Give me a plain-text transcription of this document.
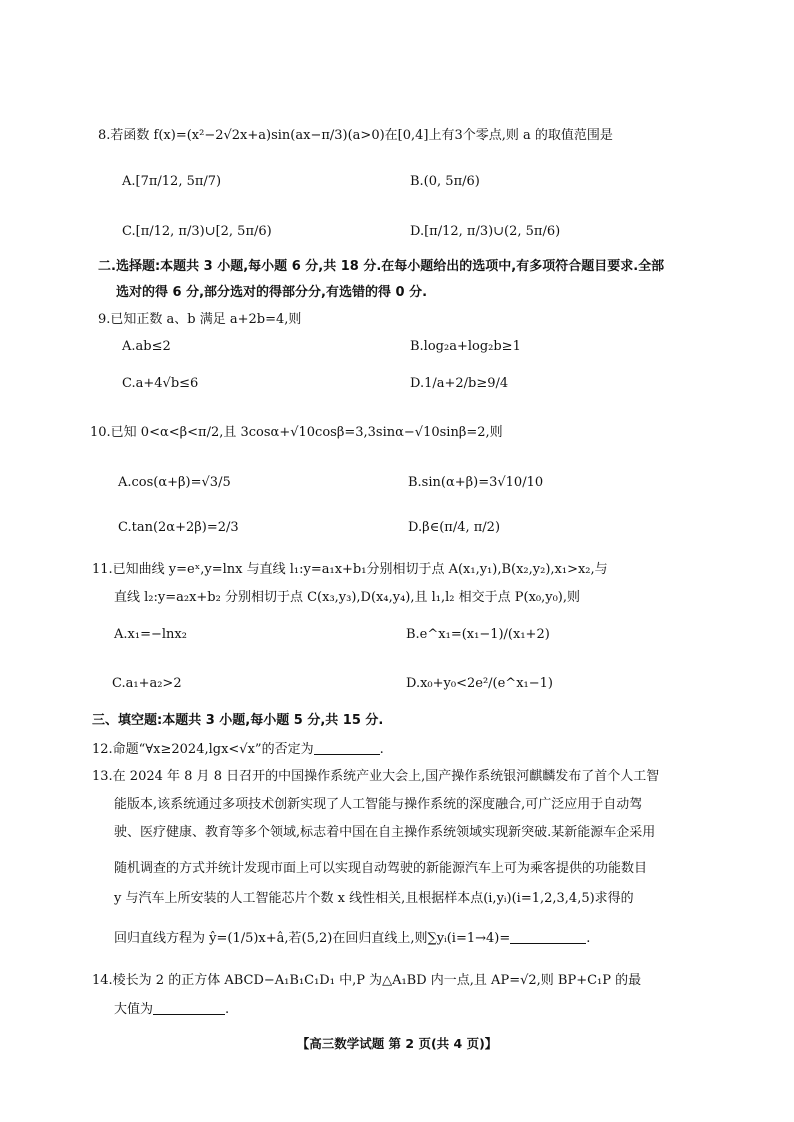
8.若函数 f(x)=(x²−2√2x+a)sin(ax−π/3)(a>0)在[0,4]上有3个零点,则 a 的取值范围是
A.[7π/12, 5π/7)	B.(0, 5π/6)
C.[π/12, π/3)∪[2, 5π/6)	D.[π/12, π/3)∪(2, 5π/6)
二.选择题:本题共 3 小题,每小题 6 分,共 18 分.在每小题给出的选项中,有多项符合题目要求.全部
选对的得 6 分,部分选对的得部分分,有选错的得 0 分.
9.已知正数 a、b 满足 a+2b=4,则
A.ab≤2	B.log₂a+log₂b≥1
C.a+4√b≤6	D.1/a+2/b≥9/4
10.已知 0<α<β<π/2,且 3cosα+√10cosβ=3,3sinα−√10sinβ=2,则
A.cos(α+β)=√3/5	B.sin(α+β)=3√10/10
C.tan(2α+2β)=2/3	D.β∈(π/4, π/2)
11.已知曲线 y=eˣ,y=lnx 与直线 l₁:y=a₁x+b₁分别相切于点 A(x₁,y₁),B(x₂,y₂),x₁>x₂,与
直线 l₂:y=a₂x+b₂ 分别相切于点 C(x₃,y₃),D(x₄,y₄),且 l₁,l₂ 相交于点 P(x₀,y₀),则
A.x₁=−lnx₂	B.e^x₁=(x₁−1)/(x₁+2)
C.a₁+a₂>2	D.x₀+y₀<2e²/(e^x₁−1)
三、填空题:本题共 3 小题,每小题 5 分,共 15 分.
12.命题“∀x≥2024,lgx<√x”的否定为	.
13.在 2024 年 8 月 8 日召开的中国操作系统产业大会上,国产操作系统银河麒麟发布了首个人工智
能版本,该系统通过多项技术创新实现了人工智能与操作系统的深度融合,可广泛应用于自动驾
驶、医疗健康、教育等多个领域,标志着中国在自主操作系统领域实现新突破.某新能源车企采用
随机调查的方式并统计发现市面上可以实现自动驾驶的新能源汽车上可为乘客提供的功能数目
y 与汽车上所安装的人工智能芯片个数 x 线性相关,且根据样本点(i,yᵢ)(i=1,2,3,4,5)求得的
回归直线方程为 ŷ=(1/5)x+â,若(5,2)在回归直线上,则∑yᵢ(i=1→4)=	.
14.棱长为 2 的正方体 ABCD−A₁B₁C₁D₁ 中,P 为△A₁BD 内一点,且 AP=√2,则 BP+C₁P 的最
大值为	.
【高三数学试题 第 2 页(共 4 页)】
